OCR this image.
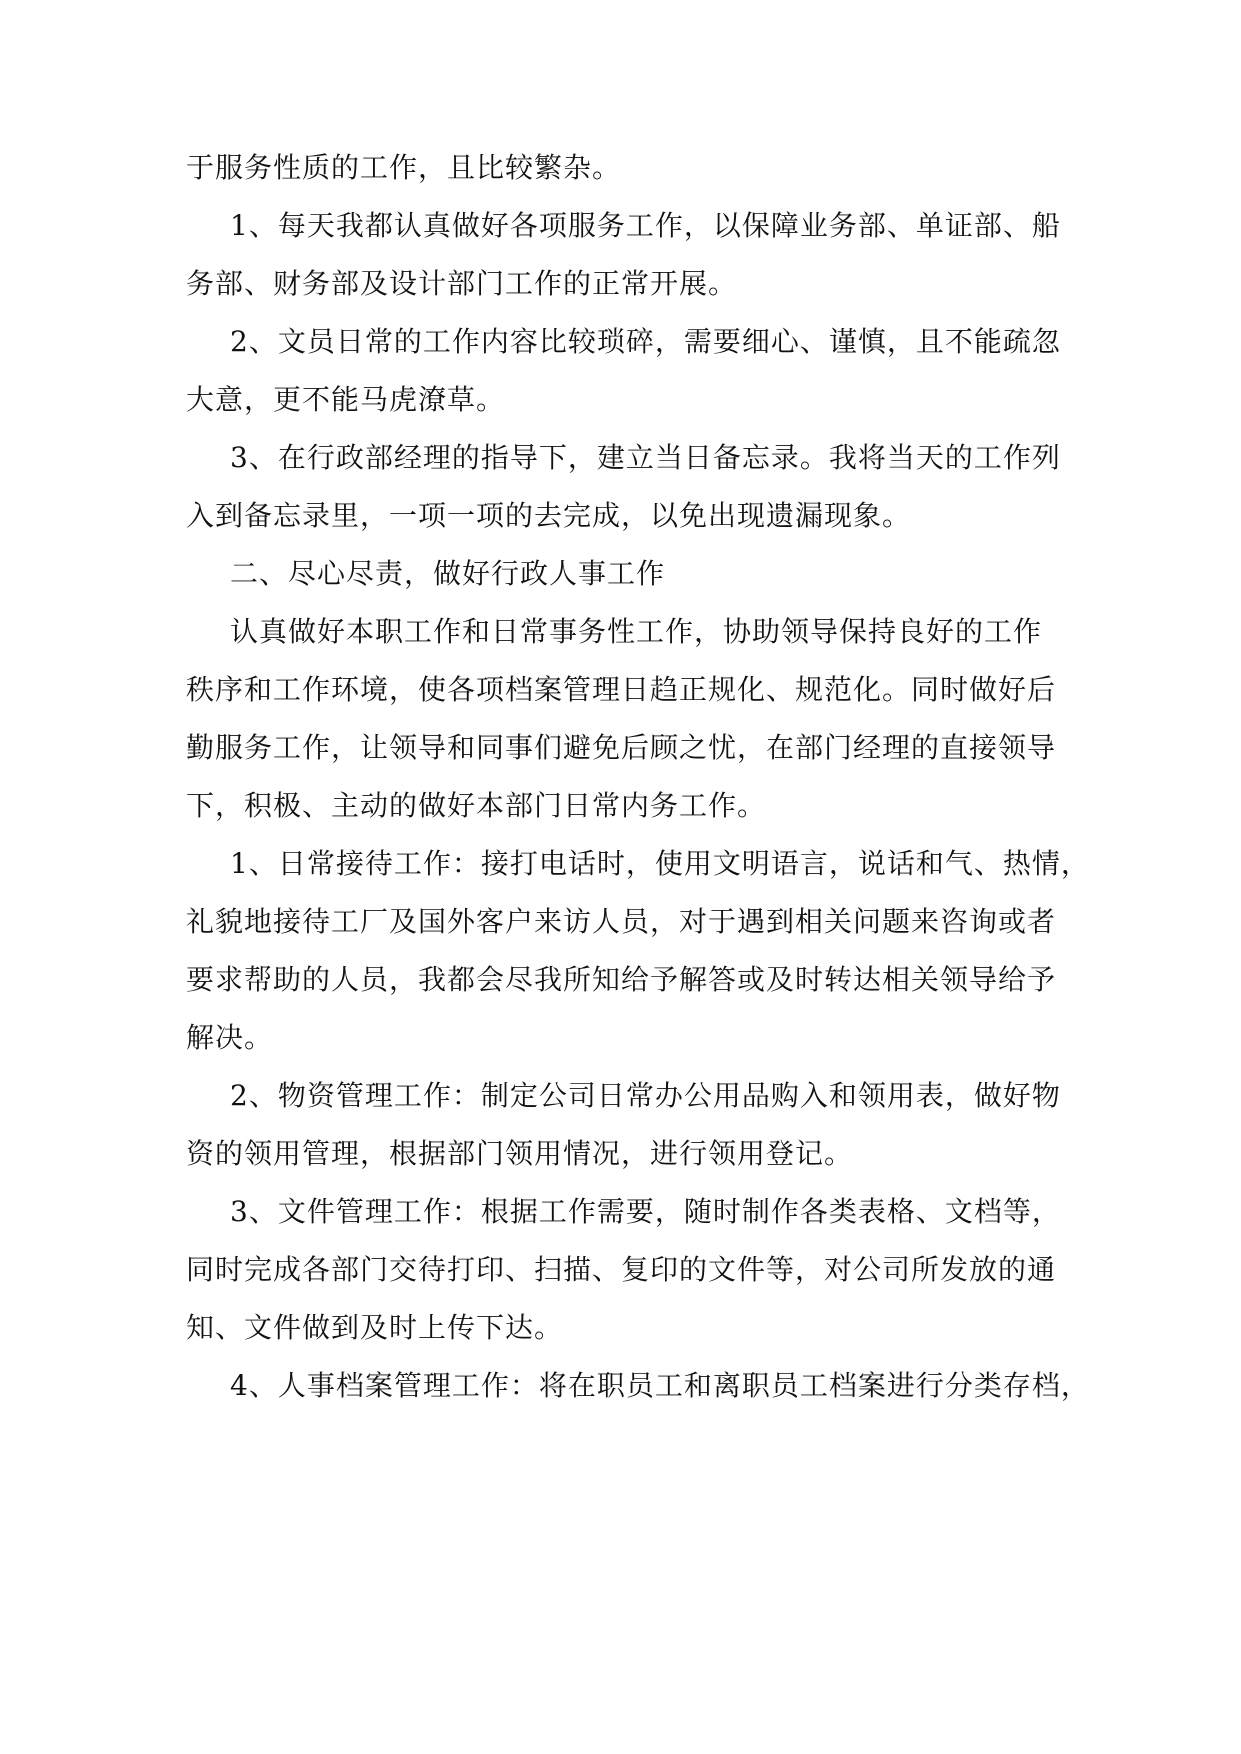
于服务性质的工作，且比较繁杂。
1、每天我都认真做好各项服务工作，以保障业务部、单证部、船
务部、财务部及设计部门工作的正常开展。
2、文员日常的工作内容比较琐碎，需要细心、谨慎，且不能疏忽
大意，更不能马虎潦草。
3、在行政部经理的指导下，建立当日备忘录。我将当天的工作列
入到备忘录里，一项一项的去完成，以免出现遗漏现象。
二、尽心尽责，做好行政人事工作
认真做好本职工作和日常事务性工作，协助领导保持良好的工作
秩序和工作环境，使各项档案管理日趋正规化、规范化。同时做好后
勤服务工作，让领导和同事们避免后顾之忧，在部门经理的直接领导
下，积极、主动的做好本部门日常内务工作。
1、日常接待工作：接打电话时，使用文明语言，说话和气、热情，
礼貌地接待工厂及国外客户来访人员，对于遇到相关问题来咨询或者
要求帮助的人员，我都会尽我所知给予解答或及时转达相关领导给予
解决。
2、物资管理工作：制定公司日常办公用品购入和领用表，做好物
资的领用管理，根据部门领用情况，进行领用登记。
3、文件管理工作：根据工作需要，随时制作各类表格、文档等，
同时完成各部门交待打印、扫描、复印的文件等，对公司所发放的通
知、文件做到及时上传下达。
4、人事档案管理工作：将在职员工和离职员工档案进行分类存档，
